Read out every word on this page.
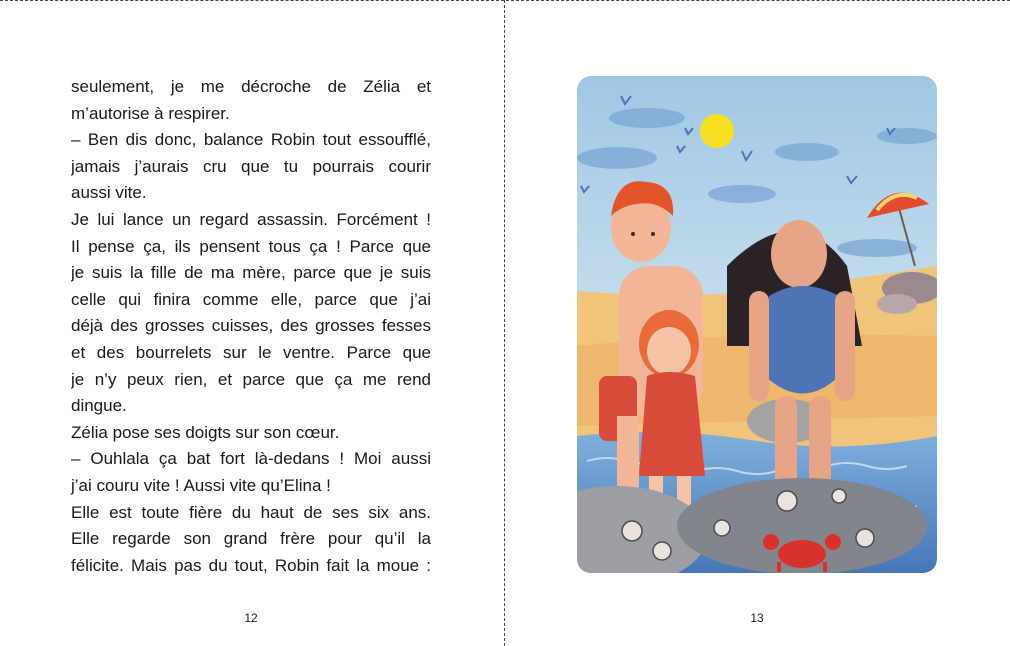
seulement, je me décroche de Zélia et
m’autorise à respirer.
– Ben dis donc, balance Robin tout essoufflé,
jamais j’aurais cru que tu pourrais courir
aussi vite.
Je lui lance un regard assassin. Forcément !
Il pense ça, ils pensent tous ça ! Parce que
je suis la fille de ma mère, parce que je suis
celle qui finira comme elle, parce que j’ai
déjà des grosses cuisses, des grosses fesses
et des bourrelets sur le ventre. Parce que
je n’y peux rien, et parce que ça me rend
dingue.
Zélia pose ses doigts sur son cœur.
– Ouhlala ça bat fort là-dedans ! Moi aussi
j’ai couru vite ! Aussi vite qu’Elina !
Elle est toute fière du haut de ses six ans.
Elle regarde son grand frère pour qu’il la
félicite. Mais pas du tout, Robin fait la moue :
12	13
